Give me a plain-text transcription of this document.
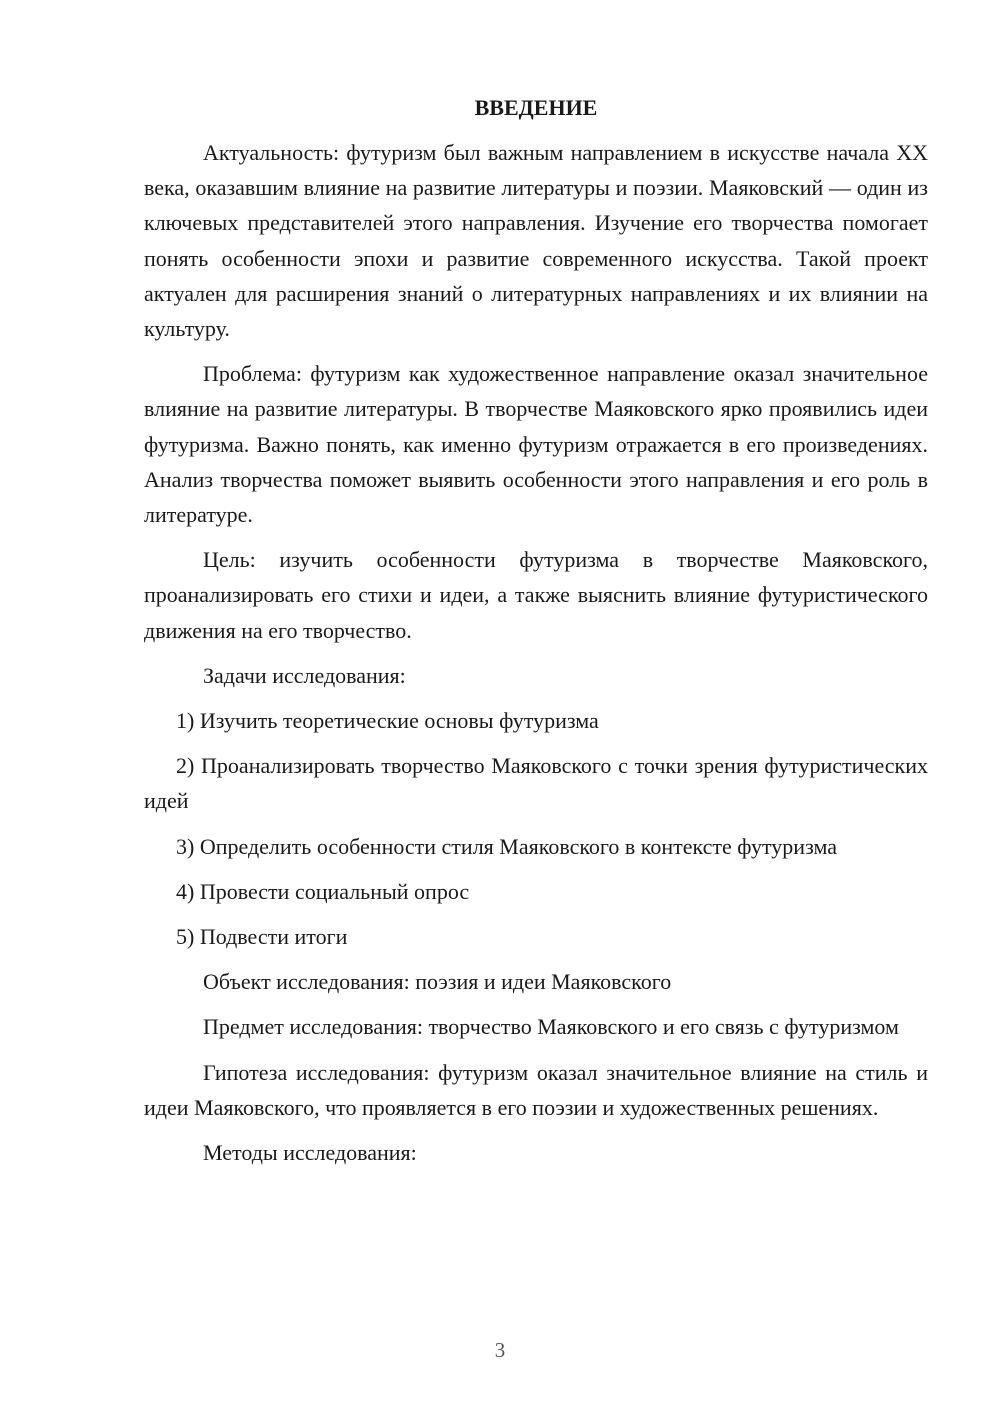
ВВЕДЕНИЕ

Актуальность: футуризм был важным направлением в искусстве начала XX века, оказавшим влияние на развитие литературы и поэзии. Маяковский — один из ключевых представителей этого направления. Изучение его творчества помогает понять особенности эпохи и развитие современного искусства. Такой проект актуален для расширения знаний о литературных направлениях и их влиянии на культуру.

Проблема: футуризм как художественное направление оказал значительное влияние на развитие литературы. В творчестве Маяковского ярко проявились идеи футуризма. Важно понять, как именно футуризм отражается в его произведениях. Анализ творчества поможет выявить особенности этого направления и его роль в литературе.

Цель: изучить особенности футуризма в творчестве Маяковского, проанализировать его стихи и идеи, а также выяснить влияние футуристического движения на его творчество.

Задачи исследования:

1) Изучить теоретические основы футуризма

2) Проанализировать творчество Маяковского с точки зрения футуристических идей

3) Определить особенности стиля Маяковского в контексте футуризма

4) Провести социальный опрос

5) Подвести итоги

Объект исследования: поэзия и идеи Маяковского

Предмет исследования: творчество Маяковского и его связь с футуризмом

Гипотеза исследования: футуризм оказал значительное влияние на стиль и идеи Маяковского, что проявляется в его поэзии и художественных решениях.

Методы исследования:

3
